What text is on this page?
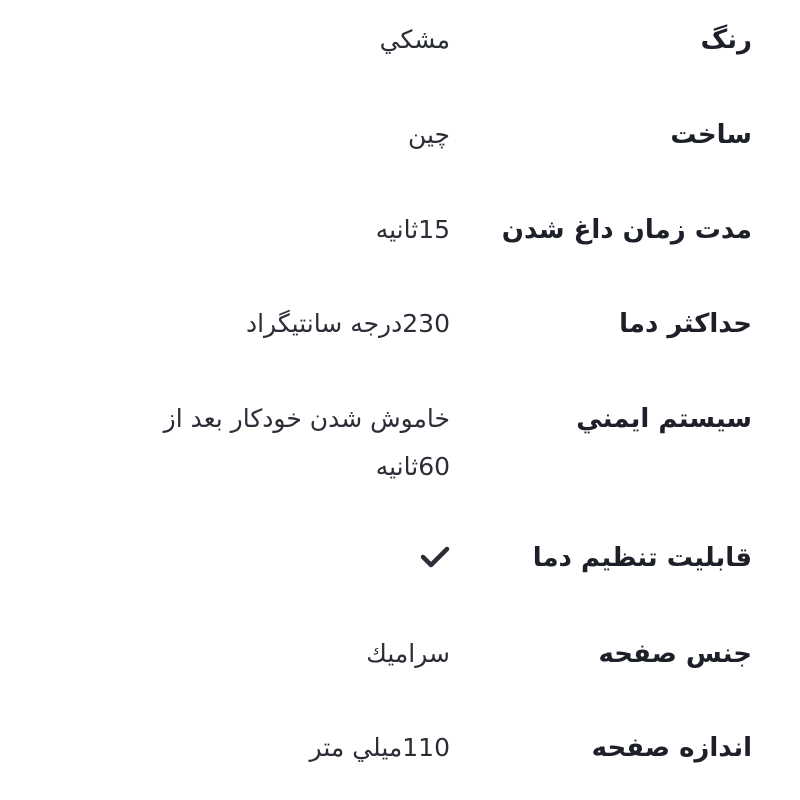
رنگ
مشكي
ساخت
چين
مدت زمان داغ شدن
15ثانيه
حداكثر دما
230درجه سانتيگراد
سيستم ايمني
خاموش شدن خودكار بعد از 60ثانيه
قابليت تنظيم دما
جنس صفحه
سراميك
اندازه صفحه
110ميلي متر
